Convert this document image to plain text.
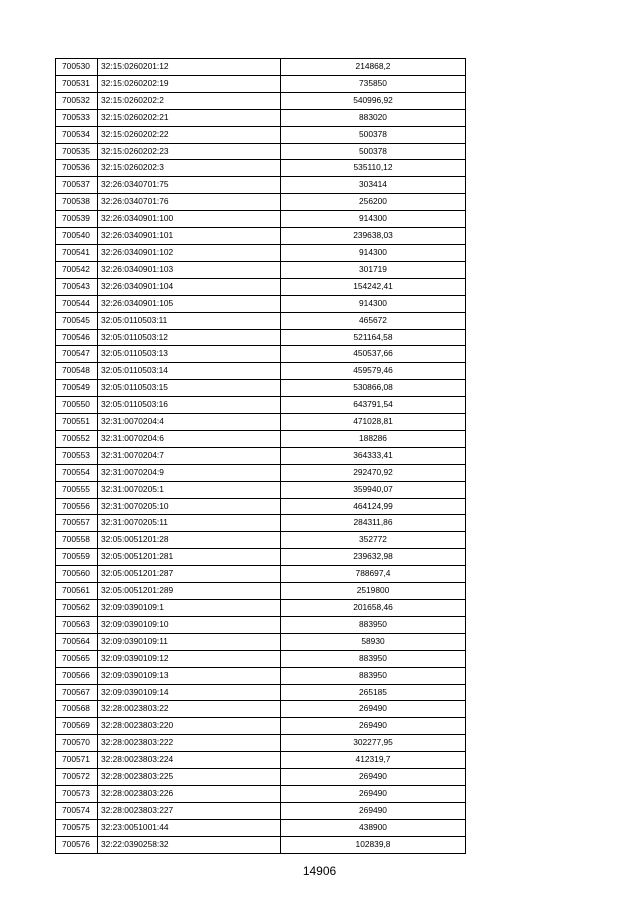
700530	32:15:0260201:12	214868,2
700531	32:15:0260202:19	735850
700532	32:15:0260202:2	540996,92
700533	32:15:0260202:21	883020
700534	32:15:0260202:22	500378
700535	32:15:0260202:23	500378
700536	32:15:0260202:3	535110,12
700537	32:26:0340701:75	303414
700538	32:26:0340701:76	256200
700539	32:26:0340901:100	914300
700540	32:26:0340901:101	239638,03
700541	32:26:0340901:102	914300
700542	32:26:0340901:103	301719
700543	32:26:0340901:104	154242,41
700544	32:26:0340901:105	914300
700545	32:05:0110503:11	465672
700546	32:05:0110503:12	521164,58
700547	32:05:0110503:13	450537,66
700548	32:05:0110503:14	459579,46
700549	32:05:0110503:15	530866,08
700550	32:05:0110503:16	643791,54
700551	32:31:0070204:4	471028,81
700552	32:31:0070204:6	188286
700553	32:31:0070204:7	364333,41
700554	32:31:0070204:9	292470,92
700555	32:31:0070205:1	359940,07
700556	32:31:0070205:10	464124,99
700557	32:31:0070205:11	284311,86
700558	32:05:0051201:28	352772
700559	32:05:0051201:281	239632,98
700560	32:05:0051201:287	788697,4
700561	32:05:0051201:289	2519800
700562	32:09:0390109:1	201658,46
700563	32:09:0390109:10	883950
700564	32:09:0390109:11	58930
700565	32:09:0390109:12	883950
700566	32:09:0390109:13	883950
700567	32:09:0390109:14	265185
700568	32:28:0023803:22	269490
700569	32:28:0023803:220	269490
700570	32:28:0023803:222	302277,95
700571	32:28:0023803:224	412319,7
700572	32:28:0023803:225	269490
700573	32:28:0023803:226	269490
700574	32:28:0023803:227	269490
700575	32:23:0051001:44	438900
700576	32:22:0390258:32	102839,8
14906
